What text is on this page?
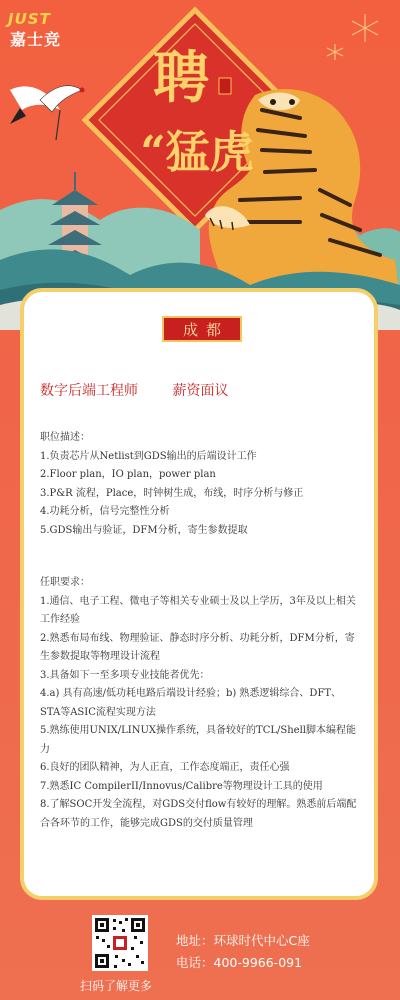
聘
“猛虎
JUST
嘉士竞
成都
数字后端工程师 薪资面议
职位描述：
1.负责芯片从Netlist到GDS输出的后端设计工作
2.Floor plan，IO plan，power plan
3.P&R 流程，Place，时钟树生成，布线，时序分析与修正
4.功耗分析，信号完整性分析
5.GDS输出与验证，DFM分析，寄生参数提取
任职要求：
1.通信、电子工程、微电子等相关专业硕士及以上学历，3年及以上相关工作经验
2.熟悉布局布线、物理验证、静态时序分析、功耗分析，DFM分析，寄生参数提取等物理设计流程
3.具备如下一至多项专业技能者优先：
4.a) 具有高速/低功耗电路后端设计经验；b) 熟悉逻辑综合、DFT、STA等ASIC流程实现方法
5.熟练使用UNIX/LINUX操作系统，具备较好的TCL/Shell脚本编程能力
6.良好的团队精神，为人正直，工作态度端正，责任心强
7.熟悉IC CompilerII/Innovus/Calibre等物理设计工具的使用
8.了解SOC开发全流程，对GDS交付flow有较好的理解。熟悉前后端配合各环节的工作，能够完成GDS的交付质量管理
扫码了解更多
地址：环球时代中心C座
电话：400-9966-091
